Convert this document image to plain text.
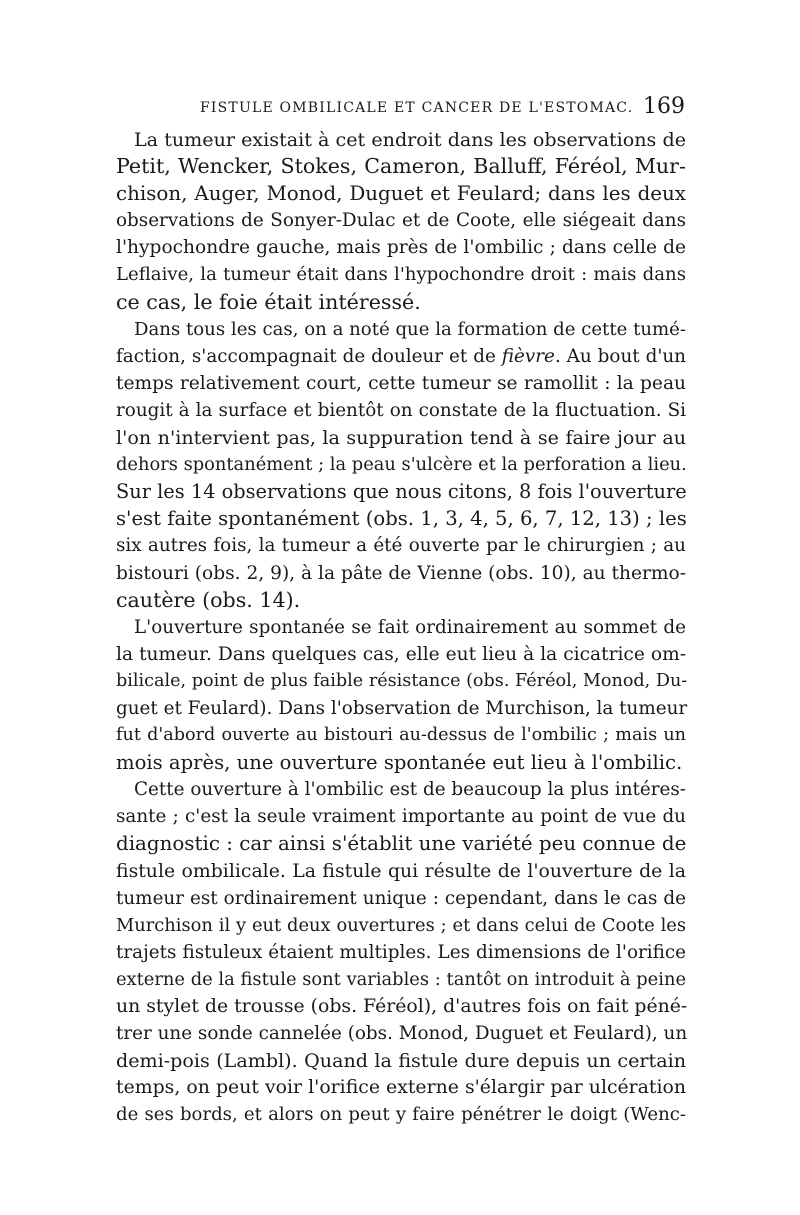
FISTULE OMBILICALE ET CANCER DE L'ESTOMAC. 169
La tumeur existait à cet endroit dans les observations de
Petit, Wencker, Stokes, Cameron, Balluff, Féréol, Mur-
chison, Auger, Monod, Duguet et Feulard; dans les deux
observations de Sonyer-Dulac et de Coote, elle siégeait dans
l'hypochondre gauche, mais près de l'ombilic ; dans celle de
Leflaive, la tumeur était dans l'hypochondre droit : mais dans
ce cas, le foie était intéressé.
Dans tous les cas, on a noté que la formation de cette tumé-
faction, s'accompagnait de douleur et de fièvre. Au bout d'un
temps relativement court, cette tumeur se ramollit : la peau
rougit à la surface et bientôt on constate de la fluctuation. Si
l'on n'intervient pas, la suppuration tend à se faire jour au
dehors spontanément ; la peau s'ulcère et la perforation a lieu.
Sur les 14 observations que nous citons, 8 fois l'ouverture
s'est faite spontanément (obs. 1, 3, 4, 5, 6, 7, 12, 13) ; les
six autres fois, la tumeur a été ouverte par le chirurgien ; au
bistouri (obs. 2, 9), à la pâte de Vienne (obs. 10), au thermo-
cautère (obs. 14).
L'ouverture spontanée se fait ordinairement au sommet de
la tumeur. Dans quelques cas, elle eut lieu à la cicatrice om-
bilicale, point de plus faible résistance (obs. Féréol, Monod, Du-
guet et Feulard). Dans l'observation de Murchison, la tumeur
fut d'abord ouverte au bistouri au-dessus de l'ombilic ; mais un
mois après, une ouverture spontanée eut lieu à l'ombilic.
Cette ouverture à l'ombilic est de beaucoup la plus intéres-
sante ; c'est la seule vraiment importante au point de vue du
diagnostic : car ainsi s'établit une variété peu connue de
fistule ombilicale. La fistule qui résulte de l'ouverture de la
tumeur est ordinairement unique : cependant, dans le cas de
Murchison il y eut deux ouvertures ; et dans celui de Coote les
trajets fistuleux étaient multiples. Les dimensions de l'orifice
externe de la fistule sont variables : tantôt on introduit à peine
un stylet de trousse (obs. Féréol), d'autres fois on fait péné-
trer une sonde cannelée (obs. Monod, Duguet et Feulard), un
demi-pois (Lambl). Quand la fistule dure depuis un certain
temps, on peut voir l'orifice externe s'élargir par ulcération
de ses bords, et alors on peut y faire pénétrer le doigt (Wenc-
